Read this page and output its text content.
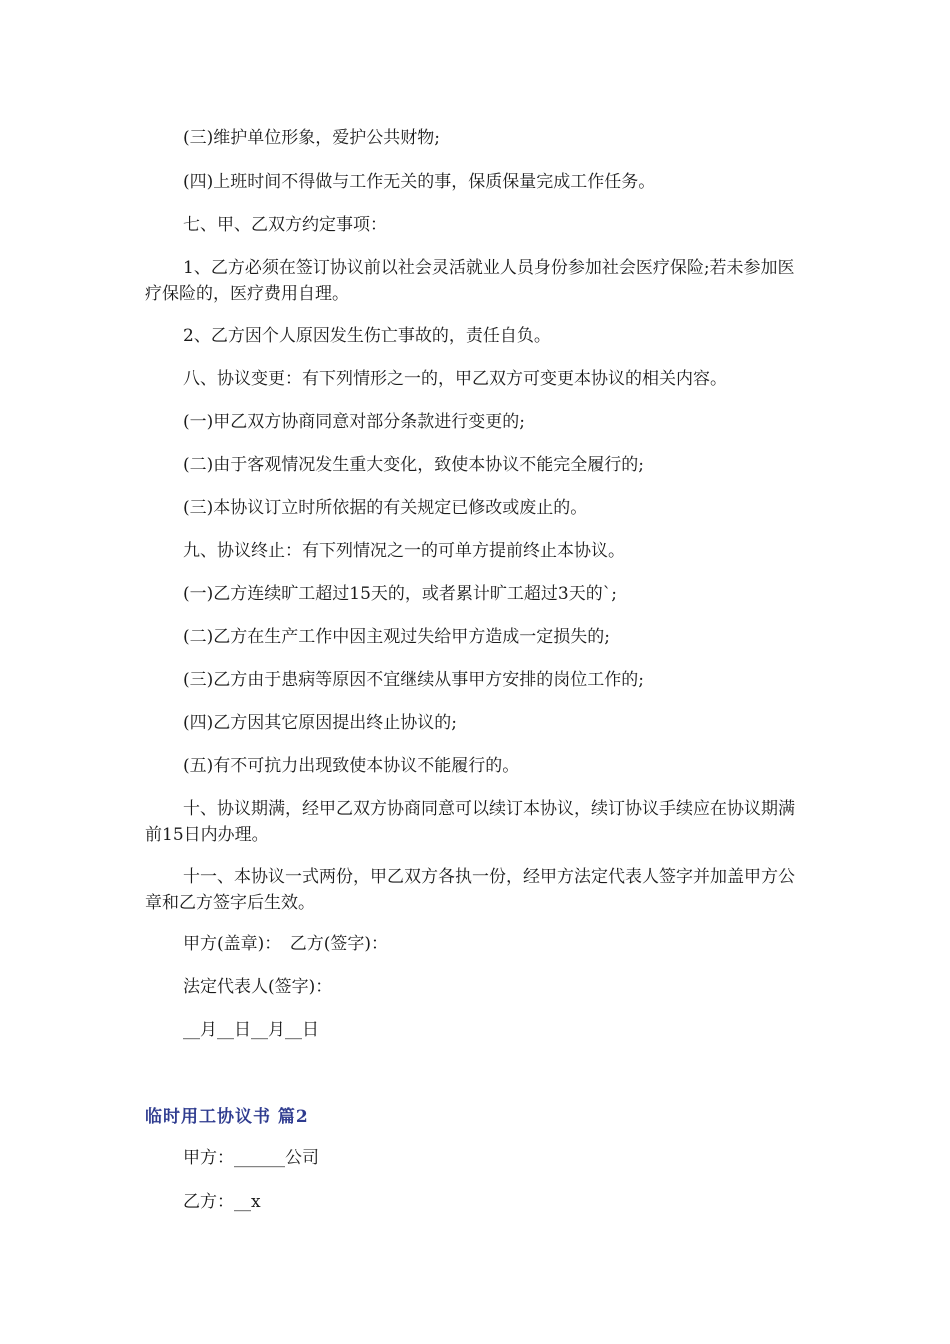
(三)维护单位形象，爱护公共财物;

(四)上班时间不得做与工作无关的事，保质保量完成工作任务。

七、甲、乙双方约定事项：

1、乙方必须在签订协议前以社会灵活就业人员身份参加社会医疗保险;若未参加医疗保险的，医疗费用自理。

2、乙方因个人原因发生伤亡事故的，责任自负。

八、协议变更：有下列情形之一的，甲乙双方可变更本协议的相关内容。

(一)甲乙双方协商同意对部分条款进行变更的;

(二)由于客观情况发生重大变化，致使本协议不能完全履行的;

(三)本协议订立时所依据的有关规定已修改或废止的。

九、协议终止：有下列情况之一的可单方提前终止本协议。

(一)乙方连续旷工超过15天的，或者累计旷工超过3天的`;

(二)乙方在生产工作中因主观过失给甲方造成一定损失的;

(三)乙方由于患病等原因不宜继续从事甲方安排的岗位工作的;

(四)乙方因其它原因提出终止协议的;

(五)有不可抗力出现致使本协议不能履行的。

十、协议期满，经甲乙双方协商同意可以续订本协议，续订协议手续应在协议期满前15日内办理。

十一、本协议一式两份，甲乙双方各执一份，经甲方法定代表人签字并加盖甲方公章和乙方签字后生效。

甲方(盖章)：　乙方(签字)：

法定代表人(签字)：

__月__日__月__日

临时用工协议书 篇2

甲方：______公司

乙方：__x
